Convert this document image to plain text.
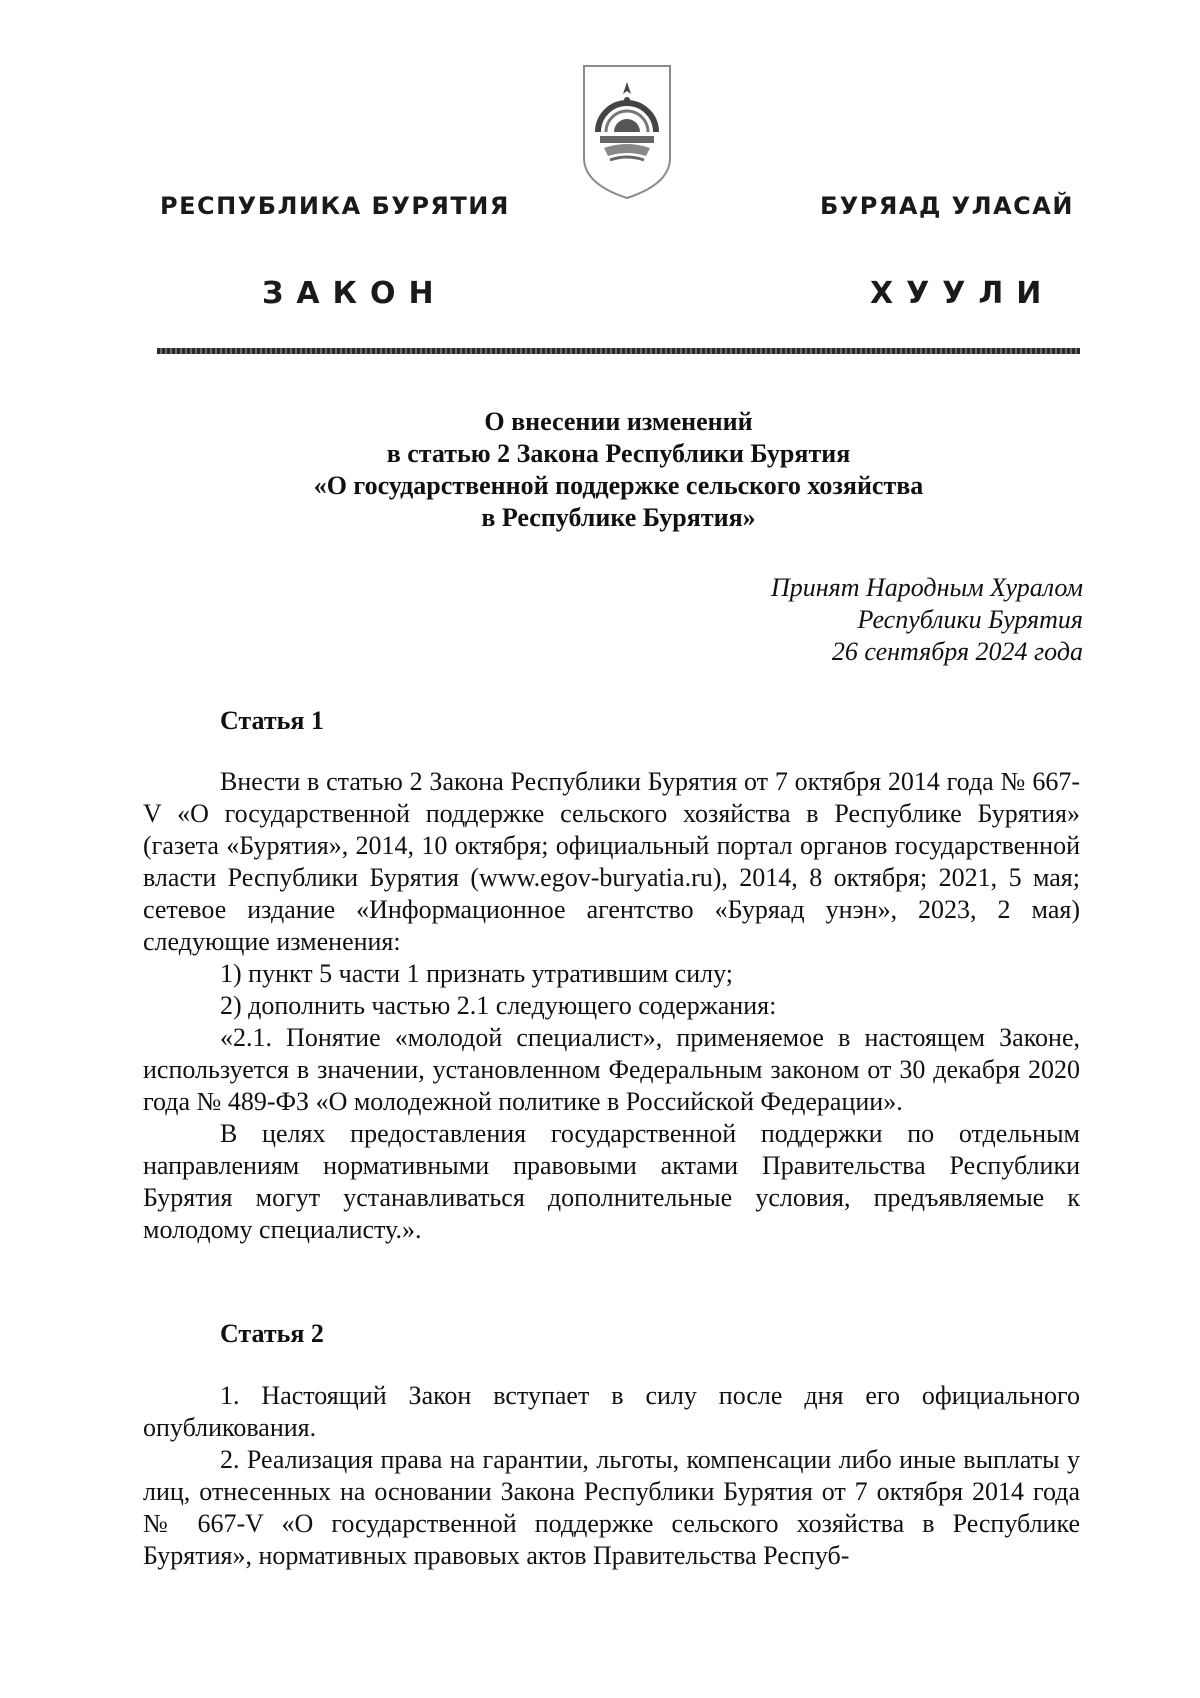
РЕСПУБЛИКА БУРЯТИЯ	БУРЯАД УЛАСАЙ
ЗАКОН	ХУУЛИ
О внесении изменений
в статью 2 Закона Республики Бурятия
«О государственной поддержке сельского хозяйства
в Республике Бурятия»
Принят Народным Хуралом
Республики Бурятия
26 сентября 2024 года
Статья 1

Внести в статью 2 Закона Республики Бурятия от 7 октября 2014 года № 667-V «О государственной поддержке сельского хозяйства в Республике Бурятия» (газета «Бурятия», 2014, 10 октября; официальный портал органов государственной власти Республики Бурятия (www.egov-buryatia.ru), 2014, 8 октября; 2021, 5 мая; сетевое издание «Информационное агентство «Буряад унэн», 2023, 2 мая) следующие изменения:

1) пункт 5 части 1 признать утратившим силу;

2) дополнить частью 2.1 следующего содержания:

«2.1. Понятие «молодой специалист», применяемое в настоящем Законе, используется в значении, установленном Федеральным законом от 30 декабря 2020 года № 489-ФЗ «О молодежной политике в Российской Федерации».

В целях предоставления государственной поддержки по отдельным направлениям нормативными правовыми актами Правительства Республики Бурятия могут устанавливаться дополнительные условия, предъявляемые к молодому специалисту.».

Статья 2

1. Настоящий Закон вступает в силу после дня его официального опубликования.

2. Реализация права на гарантии, льготы, компенсации либо иные выплаты у лиц, отнесенных на основании Закона Республики Бурятия от 7 октября 2014 года № 667-V «О государственной поддержке сельского хозяйства в Республике Бурятия», нормативных правовых актов Правительства Респуб-
